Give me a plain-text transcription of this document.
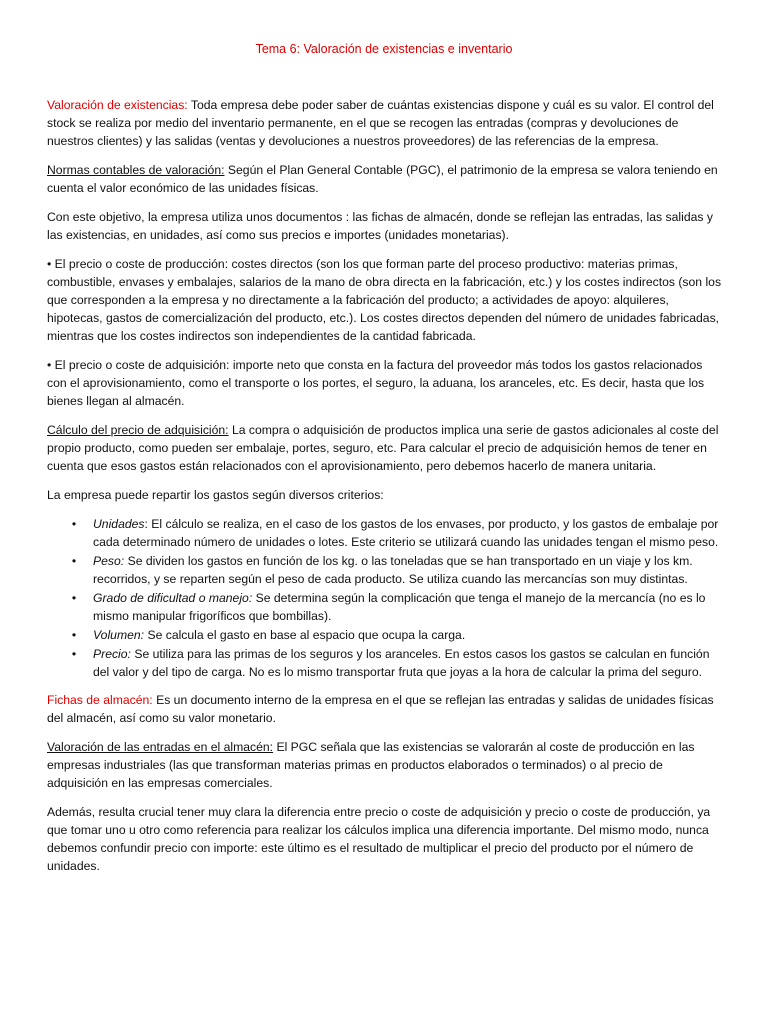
Tema 6: Valoración de existencias e inventario

Valoración de existencias: Toda empresa debe poder saber de cuántas existencias dispone y cuál es su valor. El control del stock se realiza por medio del inventario permanente, en el que se recogen las entradas (compras y devoluciones de nuestros clientes) y las salidas (ventas y devoluciones a nuestros proveedores) de las referencias de la empresa.

Normas contables de valoración: Según el Plan General Contable (PGC), el patrimonio de la empresa se valora teniendo en cuenta el valor económico de las unidades físicas.

Con este objetivo, la empresa utiliza unos documentos : las fichas de almacén, donde se reflejan las entradas, las salidas y las existencias, en unidades, así como sus precios e importes (unidades monetarias).

• El precio o coste de producción: costes directos (son los que forman parte del proceso productivo: materias primas, combustible, envases y embalajes, salarios de la mano de obra directa en la fabricación, etc.) y los costes indirectos (son los que corresponden a la empresa y no directamente a la fabricación del producto; a actividades de apoyo: alquileres, hipotecas, gastos de comercialización del producto, etc.). Los costes directos dependen del número de unidades fabricadas, mientras que los costes indirectos son independientes de la cantidad fabricada.

• El precio o coste de adquisición: importe neto que consta en la factura del proveedor más todos los gastos relacionados con el aprovisionamiento, como el transporte o los portes, el seguro, la aduana, los aranceles, etc. Es decir, hasta que los bienes llegan al almacén.

Cálculo del precio de adquisición: La compra o adquisición de productos implica una serie de gastos adicionales al coste del propio producto, como pueden ser embalaje, portes, seguro, etc. Para calcular el precio de adquisición hemos de tener en cuenta que esos gastos están relacionados con el aprovisionamiento, pero debemos hacerlo de manera unitaria.

La empresa puede repartir los gastos según diversos criterios:

• Unidades: El cálculo se realiza, en el caso de los gastos de los envases, por producto, y los gastos de embalaje por cada determinado número de unidades o lotes. Este criterio se utilizará cuando las unidades tengan el mismo peso.
• Peso: Se dividen los gastos en función de los kg. o las toneladas que se han transportado en un viaje y los km. recorridos, y se reparten según el peso de cada producto. Se utiliza cuando las mercancías son muy distintas.
• Grado de dificultad o manejo: Se determina según la complicación que tenga el manejo de la mercancía (no es lo mismo manipular frigoríficos que bombillas).
• Volumen: Se calcula el gasto en base al espacio que ocupa la carga.
• Precio: Se utiliza para las primas de los seguros y los aranceles. En estos casos los gastos se calculan en función del valor y del tipo de carga. No es lo mismo transportar fruta que joyas a la hora de calcular la prima del seguro.

Fichas de almacén: Es un documento interno de la empresa en el que se reflejan las entradas y salidas de unidades físicas del almacén, así como su valor monetario.

Valoración de las entradas en el almacén: El PGC señala que las existencias se valorarán al coste de producción en las empresas industriales (las que transforman materias primas en productos elaborados o terminados) o al precio de adquisición en las empresas comerciales.

Además, resulta crucial tener muy clara la diferencia entre precio o coste de adquisición y precio o coste de producción, ya que tomar uno u otro como referencia para realizar los cálculos implica una diferencia importante. Del mismo modo, nunca debemos confundir precio con importe: este último es el resultado de multiplicar el precio del producto por el número de unidades.
